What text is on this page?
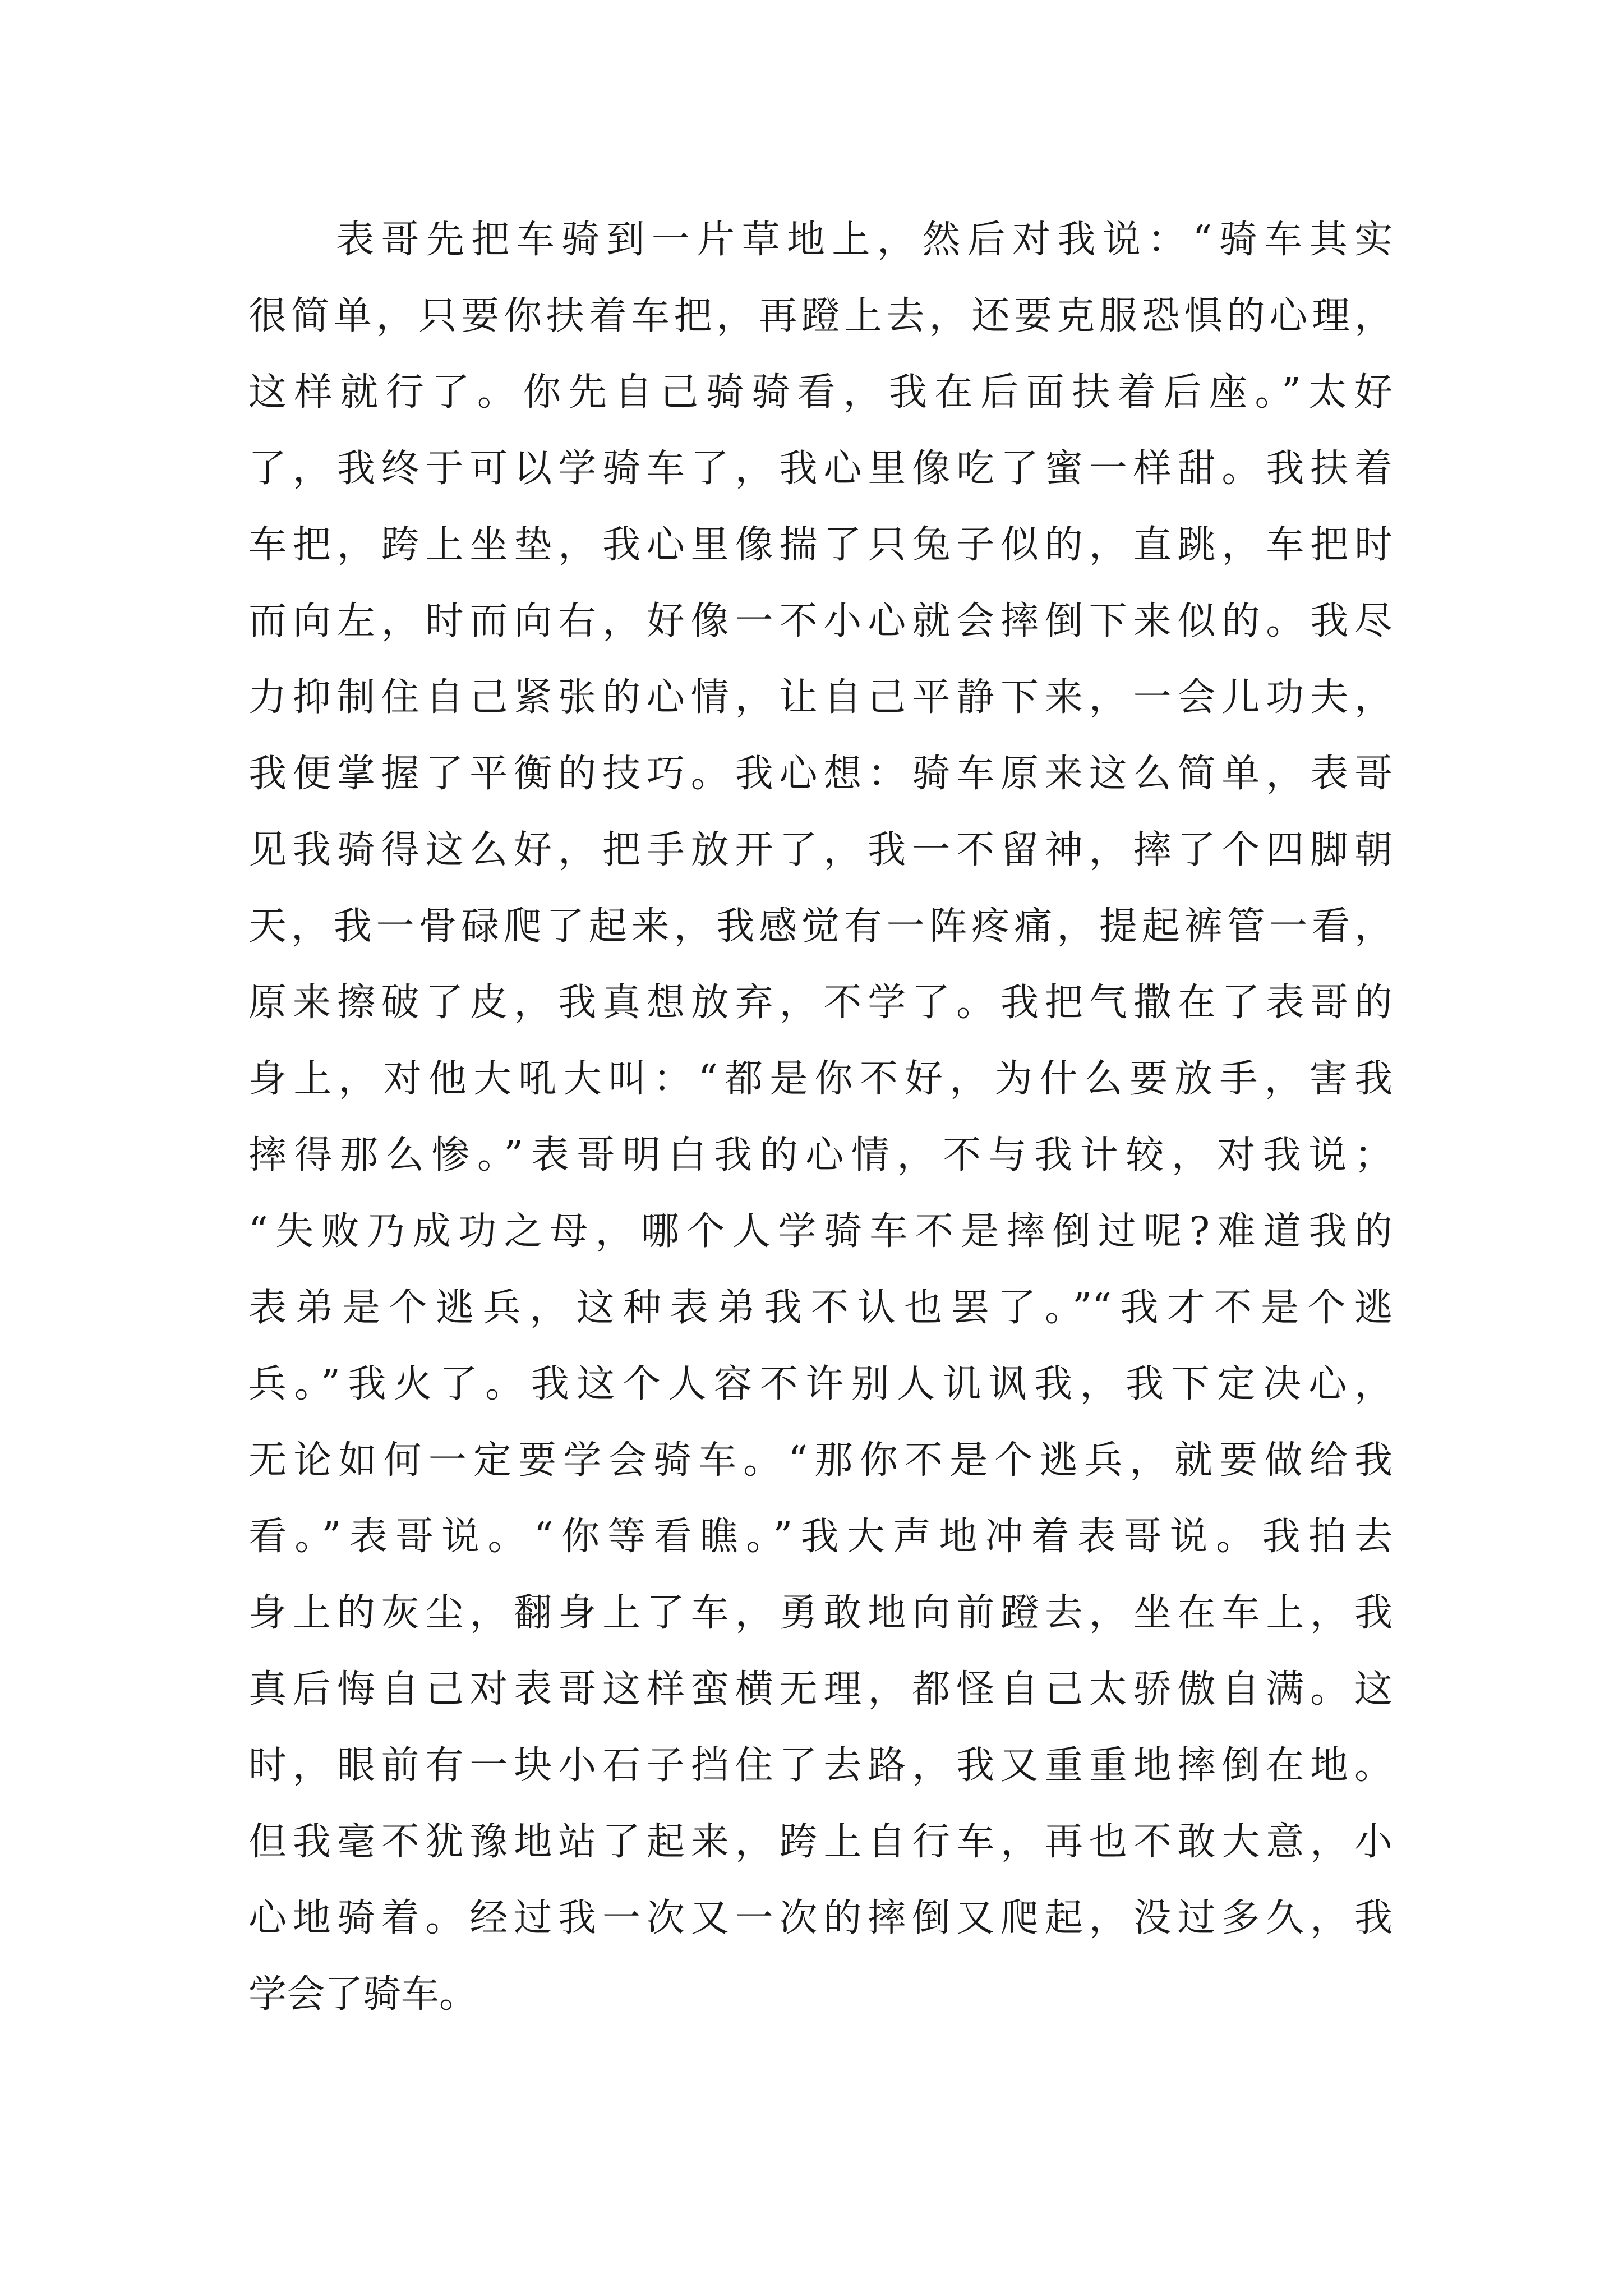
表哥先把车骑到一片草地上，然后对我说：“骑车其实
很简单，只要你扶着车把，再蹬上去，还要克服恐惧的心理，
这样就行了。你先自己骑骑看，我在后面扶着后座。”太好
了，我终于可以学骑车了，我心里像吃了蜜一样甜。我扶着
车把，跨上坐垫，我心里像揣了只兔子似的，直跳，车把时
而向左，时而向右，好像一不小心就会摔倒下来似的。我尽
力抑制住自己紧张的心情，让自己平静下来，一会儿功夫，
我便掌握了平衡的技巧。我心想：骑车原来这么简单，表哥
见我骑得这么好，把手放开了，我一不留神，摔了个四脚朝
天，我一骨碌爬了起来，我感觉有一阵疼痛，提起裤管一看，
原来擦破了皮，我真想放弃，不学了。我把气撒在了表哥的
身上，对他大吼大叫：“都是你不好，为什么要放手，害我
摔得那么惨。”表哥明白我的心情，不与我计较，对我说；
“失败乃成功之母，哪个人学骑车不是摔倒过呢?难道我的
表弟是个逃兵，这种表弟我不认也罢了。”“我才不是个逃
兵。”我火了。我这个人容不许别人讥讽我，我下定决心，
无论如何一定要学会骑车。“那你不是个逃兵，就要做给我
看。”表哥说。“你等看瞧。”我大声地冲着表哥说。我拍去
身上的灰尘，翻身上了车，勇敢地向前蹬去，坐在车上，我
真后悔自己对表哥这样蛮横无理，都怪自己太骄傲自满。这
时，眼前有一块小石子挡住了去路，我又重重地摔倒在地。
但我毫不犹豫地站了起来，跨上自行车，再也不敢大意，小
心地骑着。经过我一次又一次的摔倒又爬起，没过多久，我
学会了骑车。
